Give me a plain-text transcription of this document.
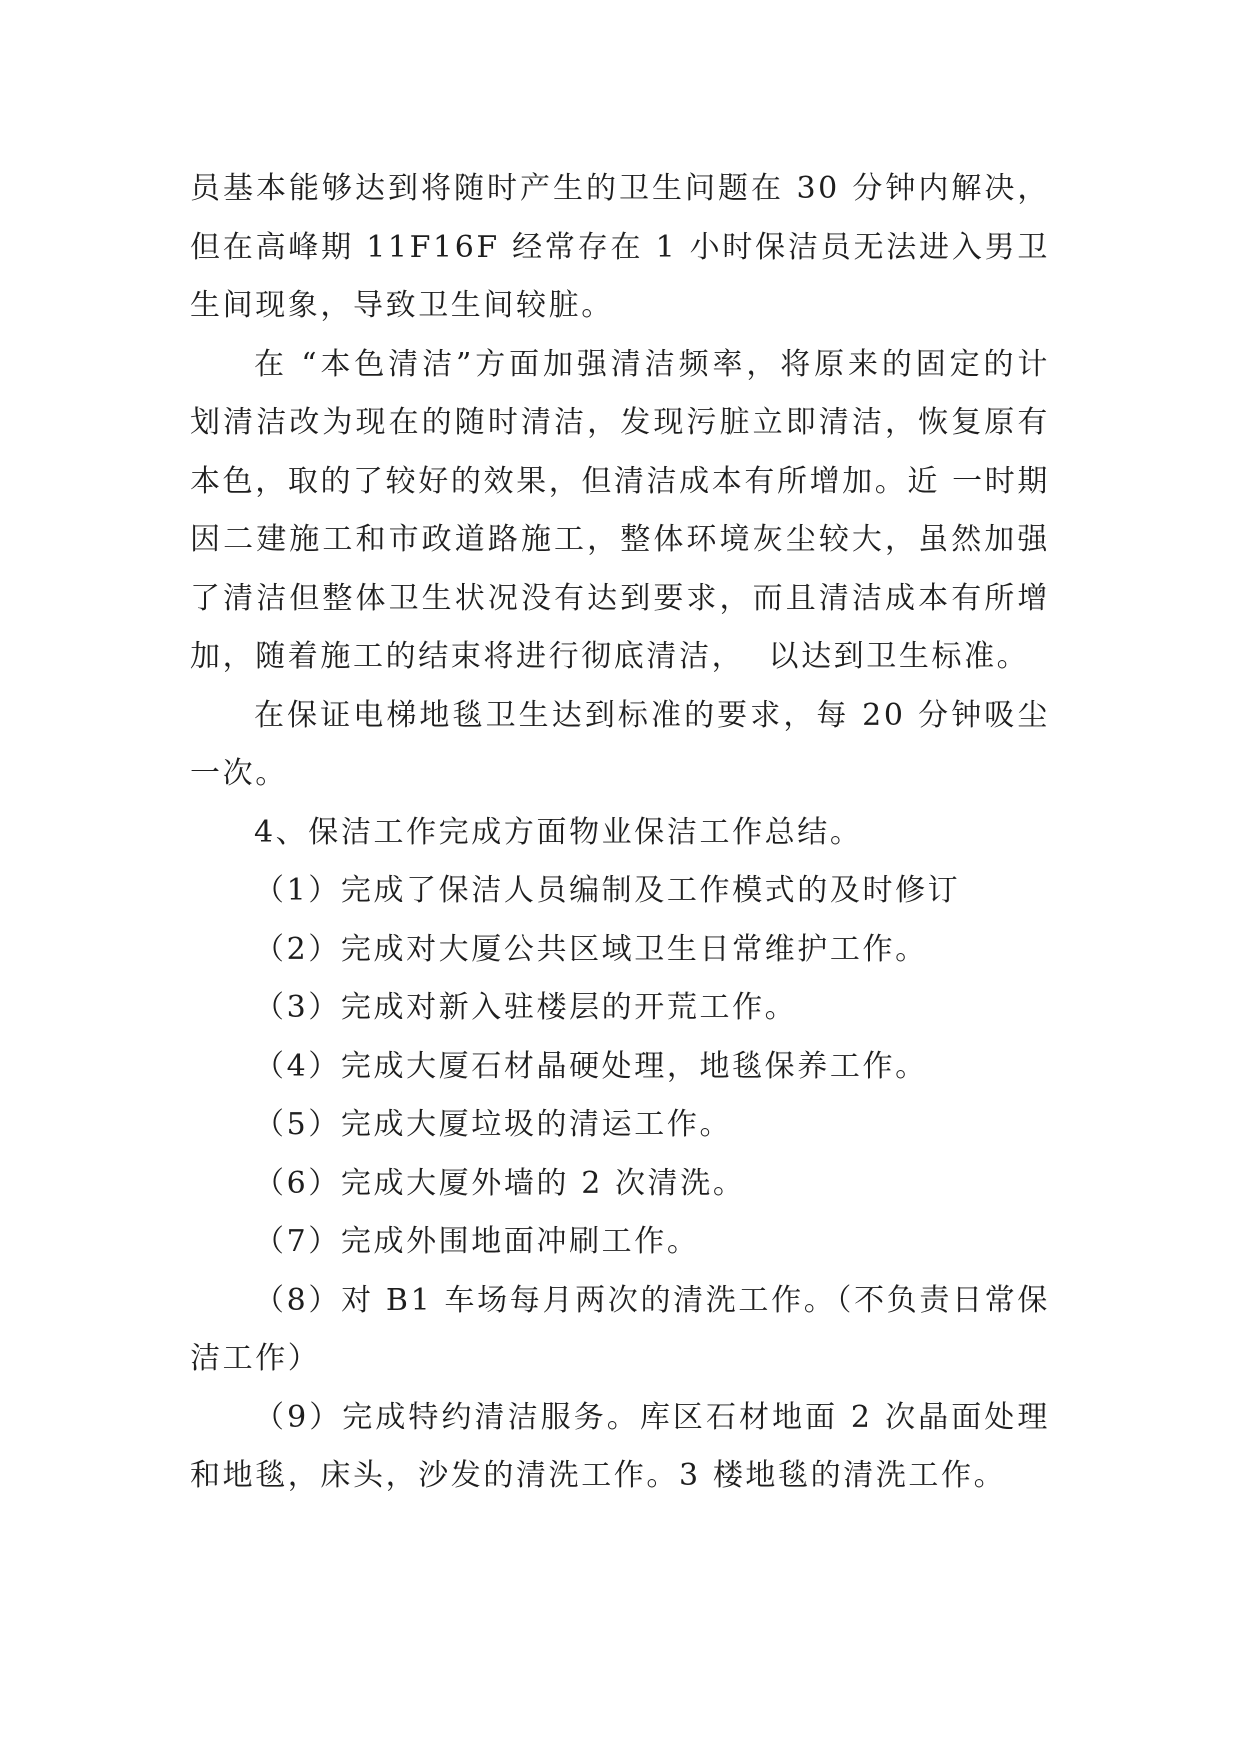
员基本能够达到将随时产生的卫生问题在 30 分钟内解决，但在高峰期 11F16F 经常存在 1 小时保洁员无法进入男卫生间现象，导致卫生间较脏。

在 “本色清洁”方面加强清洁频率，将原来的固定的计划清洁改为现在的随时清洁，发现污脏立即清洁，恢复原有本色，取的了较好的效果，但清洁成本有所增加。近 一时期因二建施工和市政道路施工，整体环境灰尘较大，虽然加强了清洁但整体卫生状况没有达到要求，而且清洁成本有所增加，随着施工的结束将进行彻底清洁，  以达到卫生标准。

在保证电梯地毯卫生达到标准的要求，每 20 分钟吸尘一次。

4、保洁工作完成方面物业保洁工作总结。

（1）完成了保洁人员编制及工作模式的及时修订

（2）完成对大厦公共区域卫生日常维护工作。

（3）完成对新入驻楼层的开荒工作。

（4）完成大厦石材晶硬处理，地毯保养工作。

（5）完成大厦垃圾的清运工作。

（6）完成大厦外墙的 2 次清洗。

（7）完成外围地面冲刷工作。

（8）对 B1 车场每月两次的清洗工作。（不负责日常保洁工作）

（9）完成特约清洁服务。库区石材地面 2 次晶面处理和地毯，床头，沙发的清洗工作。3 楼地毯的清洗工作。
